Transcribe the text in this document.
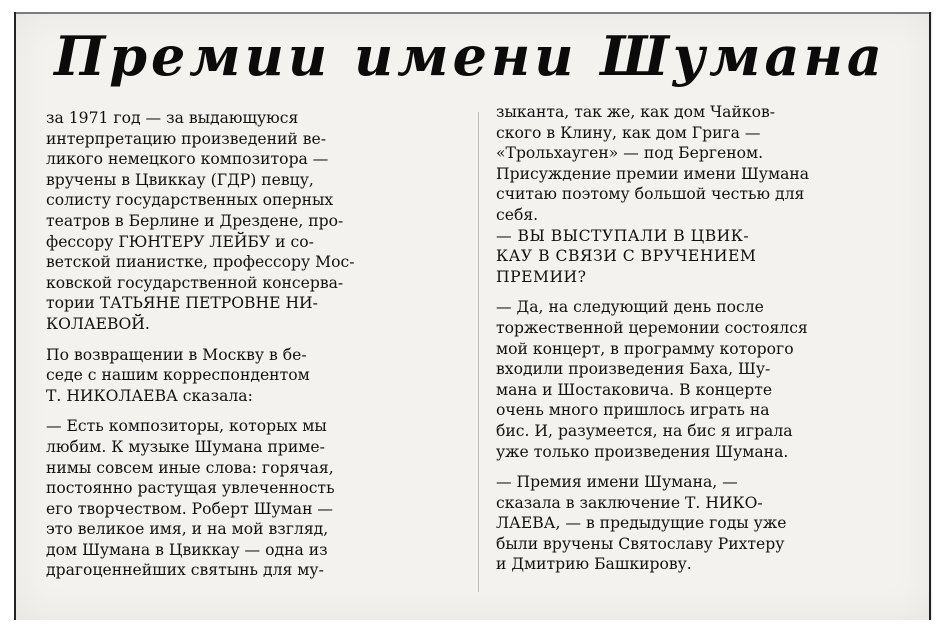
Премии имени Шумана

за 1971 год — за выдающуюся

интерпретацию произведений ве-

ликого немецкого композитора —

вручены в Цвиккау (ГДР) певцу,

солисту государственных оперных

театров в Берлине и Дрездене, про-

фессору ГЮНТЕРУ ЛЕЙБУ и со-

ветской пианистке, профессору Мос-

ковской государственной консерва-

тории ТАТЬЯНЕ ПЕТРОВНЕ НИ-

КОЛАЕВОЙ.

По возвращении в Москву в бе-

седе с нашим корреспондентом

Т. НИКОЛАЕВА сказала:

— Есть композиторы, которых мы

любим. К музыке Шумана приме-

нимы совсем иные слова: горячая,

постоянно растущая увлеченность

его творчеством. Роберт Шуман —

это великое имя, и на мой взгляд,

дом Шумана в Цвиккау — одна из

драгоценнейших святынь для му-

зыканта, так же, как дом Чайков-

ского в Клину, как дом Грига —

«Трольхауген» — под Бергеном.

Присуждение премии имени Шумана

считаю поэтому большой честью для

себя.

— ВЫ ВЫСТУПАЛИ В ЦВИК-

КАУ В СВЯЗИ С ВРУЧЕНИЕМ

ПРЕМИИ?

— Да, на следующий день после

торжественной церемонии состоялся

мой концерт, в программу которого

входили произведения Баха, Шу-

мана и Шостаковича. В концерте

очень много пришлось играть на

бис. И, разумеется, на бис я играла

уже только произведения Шумана.

— Премия имени Шумана, —

сказала в заключение Т. НИКО-

ЛАЕВА, — в предыдущие годы уже

были вручены Святославу Рихтеру

и Дмитрию Башкирову.
